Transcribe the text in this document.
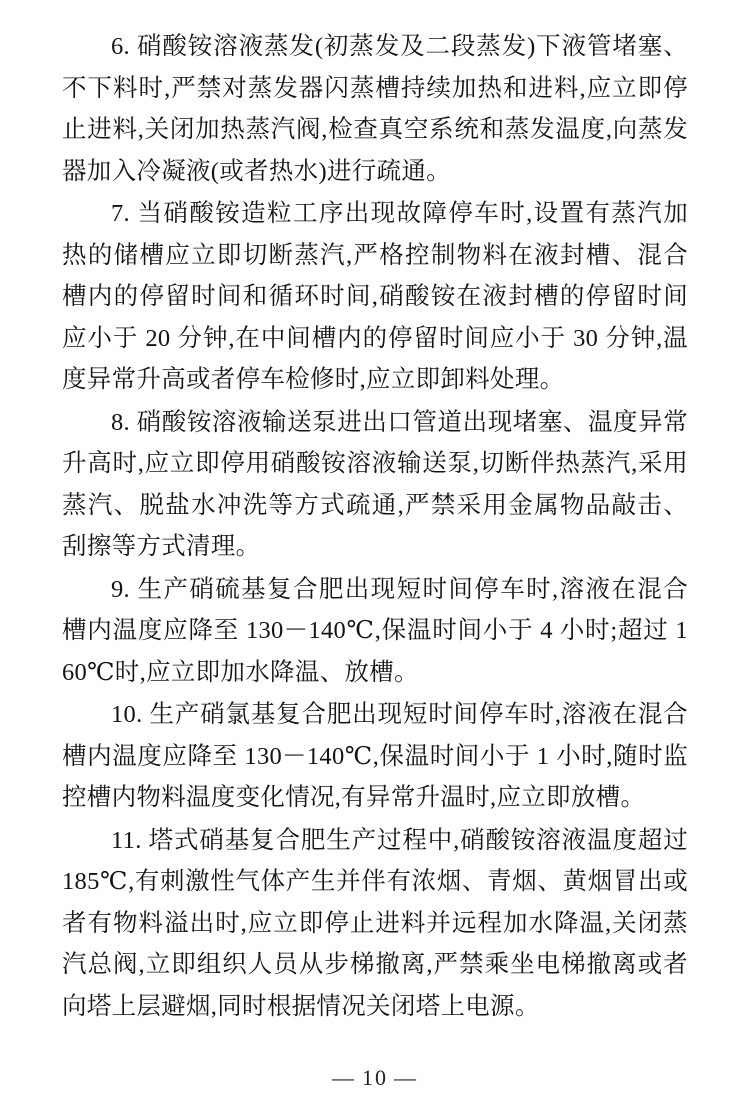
6. 硝酸铵溶液蒸发(初蒸发及二段蒸发)下液管堵塞、不下料时,严禁对蒸发器闪蒸槽持续加热和进料,应立即停止进料,关闭加热蒸汽阀,检查真空系统和蒸发温度,向蒸发器加入冷凝液(或者热水)进行疏通。

7. 当硝酸铵造粒工序出现故障停车时,设置有蒸汽加热的储槽应立即切断蒸汽,严格控制物料在液封槽、混合槽内的停留时间和循环时间,硝酸铵在液封槽的停留时间应小于 20 分钟,在中间槽内的停留时间应小于 30 分钟,温度异常升高或者停车检修时,应立即卸料处理。

8. 硝酸铵溶液输送泵进出口管道出现堵塞、温度异常升高时,应立即停用硝酸铵溶液输送泵,切断伴热蒸汽,采用蒸汽、脱盐水冲洗等方式疏通,严禁采用金属物品敲击、刮擦等方式清理。

9. 生产硝硫基复合肥出现短时间停车时,溶液在混合槽内温度应降至 130－140℃,保温时间小于 4 小时;超过 160℃时,应立即加水降温、放槽。

10. 生产硝氯基复合肥出现短时间停车时,溶液在混合槽内温度应降至 130－140℃,保温时间小于 1 小时,随时监控槽内物料温度变化情况,有异常升温时,应立即放槽。

11. 塔式硝基复合肥生产过程中,硝酸铵溶液温度超过 185℃,有刺激性气体产生并伴有浓烟、青烟、黄烟冒出或者有物料溢出时,应立即停止进料并远程加水降温,关闭蒸汽总阀,立即组织人员从步梯撤离,严禁乘坐电梯撤离或者向塔上层避烟,同时根据情况关闭塔上电源。

— 10 —
